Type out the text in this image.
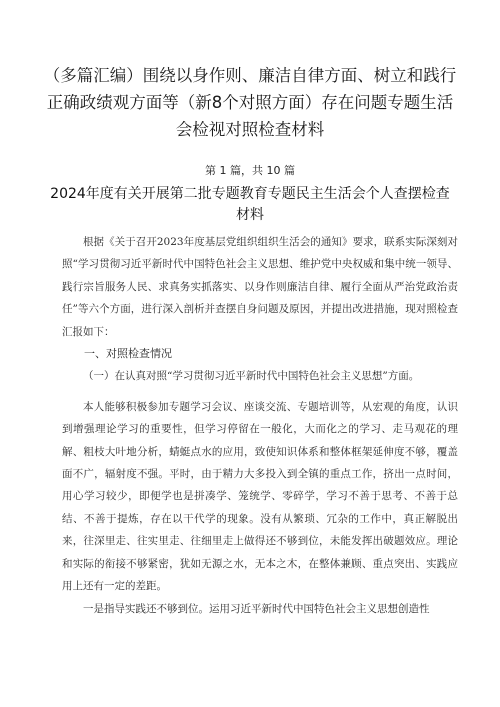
（多篇汇编）围绕以身作则、廉洁自律方面、树立和践行正确政绩观方面等（新8个对照方面）存在问题专题生活会检视对照检查材料
第 1 篇，共 10 篇
2024年度有关开展第二批专题教育专题民主生活会个人查摆检查材料

根据《关于召开2023年度基层党组织组织生活会的通知》要求，联系实际深刻对照“学习贯彻习近平新时代中国特色社会主义思想、维护党中央权威和集中统一领导、践行宗旨服务人民、求真务实抓落实、以身作则廉洁自律、履行全面从严治党政治责任”等六个方面，进行深入剖析并查摆自身问题及原因，并提出改进措施，现对照检查汇报如下：

一、对照检查情况

（一）在认真对照“学习贯彻习近平新时代中国特色社会主义思想”方面。

本人能够积极参加专题学习会议、座谈交流、专题培训等，从宏观的角度，认识到增强理论学习的重要性，但学习停留在一般化，大而化之的学习、走马观花的理解、粗枝大叶地分析，蜻蜓点水的应用，致使知识体系和整体框架延伸度不够，覆盖面不广，辐射度不强。平时，由于精力大多投入到全镇的重点工作，挤出一点时间，用心学习较少，即便学也是拼凑学、笼统学、零碎学，学习不善于思考、不善于总结、不善于提炼，存在以干代学的现象。没有从繁琐、冗杂的工作中，真正解脱出来，往深里走、往实里走、往细里走上做得还不够到位，未能发挥出破题效应。理论和实际的衔接不够紧密，犹如无源之水，无本之木，在整体兼顾、重点突出、实践应用上还有一定的差距。

一是指导实践还不够到位。运用习近平新时代中国特色社会主义思想创造性
